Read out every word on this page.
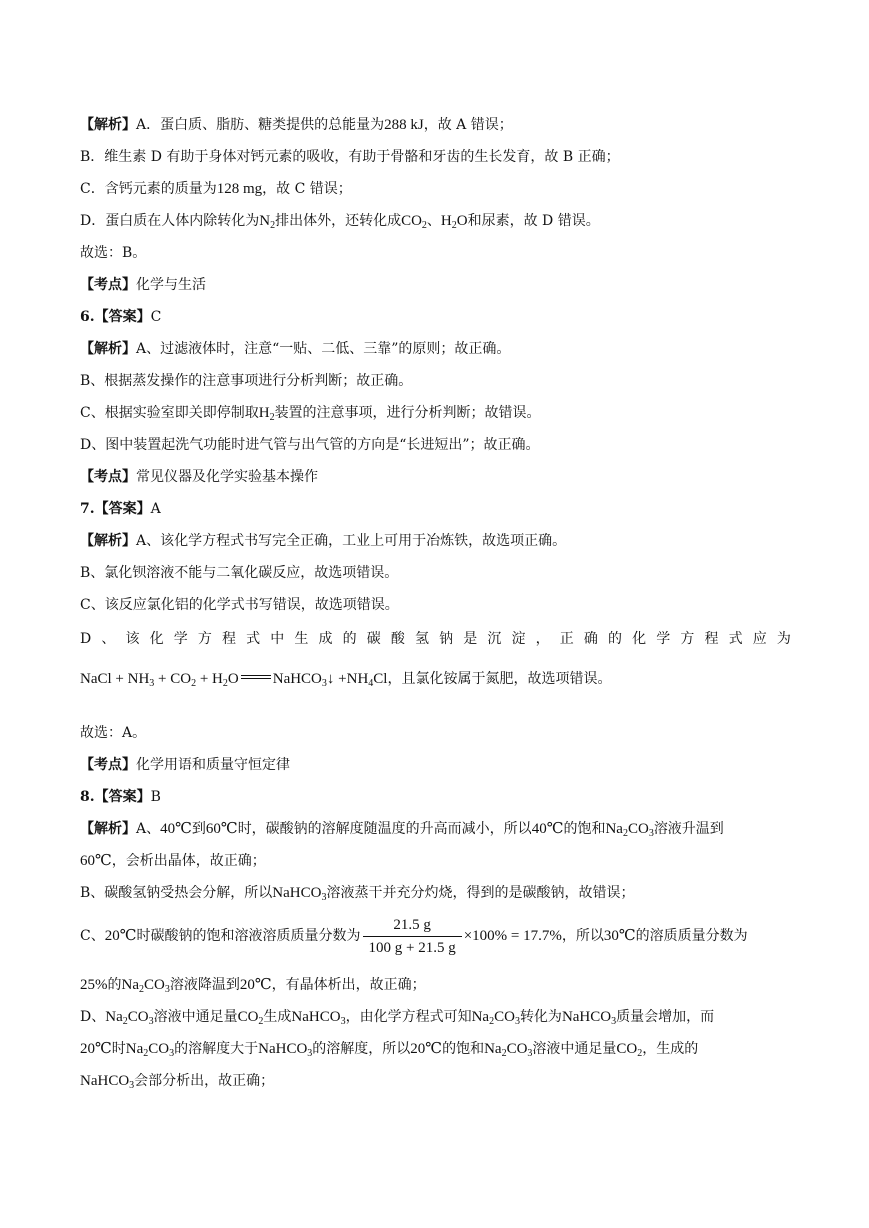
【解析】A．蛋白质、脂肪、糖类提供的总能量为288 kJ，故 A 错误；
B．维生素 D 有助于身体对钙元素的吸收，有助于骨骼和牙齿的生长发育，故 B 正确；
C．含钙元素的质量为128 mg，故 C 错误；
D．蛋白质在人体内除转化为$N_2$排出体外，还转化成$CO_2$、$H_2O$和尿素，故 D 错误。
故选：B。
【考点】化学与生活
6.【答案】C
【解析】A、过滤液体时，注意“一贴、二低、三靠”的原则；故正确。
B、根据蒸发操作的注意事项进行分析判断；故正确。
C、根据实验室即关即停制取$H_2$装置的注意事项，进行分析判断；故错误。
D、图中装置起洗气功能时进气管与出气管的方向是“长进短出”；故正确。
【考点】常见仪器及化学实验基本操作
7.【答案】A
【解析】A、该化学方程式书写完全正确，工业上可用于冶炼铁，故选项正确。
B、氯化钡溶液不能与二氧化碳反应，故选项错误。
C、该反应氯化铝的化学式书写错误，故选项错误。
D 、 该 化 学 方 程 式 中 生 成 的 碳 酸 氢 钠 是 沉 淀 ， 正 确 的 化 学 方 程 式 应 为
NaCl + $NH_3 + CO_2 + H_2O$ NaHCO$_3$↓ $+NH_4Cl$，且氯化铵属于氮肥，故选项错误。
故选：A。
【考点】化学用语和质量守恒定律
8.【答案】B
【解析】A、40℃到60℃时，碳酸钠的溶解度随温度的升高而减小，所以40℃的饱和$Na_2CO_3$溶液升温到
60℃，会析出晶体，故正确；
B、碳酸氢钠受热会分解，所以NaHCO$_3$溶液蒸干并充分灼烧，得到的是碳酸钠，故错误；
C、20℃时碳酸钠的饱和溶液溶质质量分数为 $\frac{21.5 g}{100 g + 21.5 g} \times 100\% = 17.7\%$，所以30℃的溶质质量分数为
25%的$Na_2CO_3$溶液降温到20℃，有晶体析出，故正确；
D、$Na_2CO_3$溶液中通足量$CO_2$生成NaHCO$_3$，由化学方程式可知$Na_2CO_3$转化为NaHCO$_3$质量会增加，而
20℃时$Na_2CO_3$的溶解度大于NaHCO$_3$的溶解度，所以20℃的饱和$Na_2CO_3$溶液中通足量$CO_2$，生成的
NaHCO$_3$会部分析出，故正确；
